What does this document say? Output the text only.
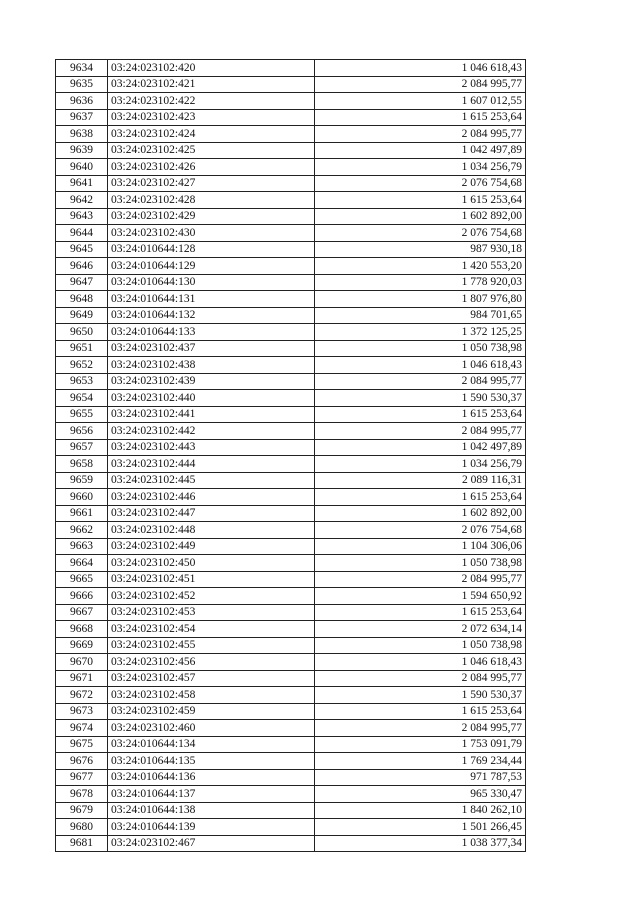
9634	03:24:023102:420	1 046 618,43
9635	03:24:023102:421	2 084 995,77
9636	03:24:023102:422	1 607 012,55
9637	03:24:023102:423	1 615 253,64
9638	03:24:023102:424	2 084 995,77
9639	03:24:023102:425	1 042 497,89
9640	03:24:023102:426	1 034 256,79
9641	03:24:023102:427	2 076 754,68
9642	03:24:023102:428	1 615 253,64
9643	03:24:023102:429	1 602 892,00
9644	03:24:023102:430	2 076 754,68
9645	03:24:010644:128	987 930,18
9646	03:24:010644:129	1 420 553,20
9647	03:24:010644:130	1 778 920,03
9648	03:24:010644:131	1 807 976,80
9649	03:24:010644:132	984 701,65
9650	03:24:010644:133	1 372 125,25
9651	03:24:023102:437	1 050 738,98
9652	03:24:023102:438	1 046 618,43
9653	03:24:023102:439	2 084 995,77
9654	03:24:023102:440	1 590 530,37
9655	03:24:023102:441	1 615 253,64
9656	03:24:023102:442	2 084 995,77
9657	03:24:023102:443	1 042 497,89
9658	03:24:023102:444	1 034 256,79
9659	03:24:023102:445	2 089 116,31
9660	03:24:023102:446	1 615 253,64
9661	03:24:023102:447	1 602 892,00
9662	03:24:023102:448	2 076 754,68
9663	03:24:023102:449	1 104 306,06
9664	03:24:023102:450	1 050 738,98
9665	03:24:023102:451	2 084 995,77
9666	03:24:023102:452	1 594 650,92
9667	03:24:023102:453	1 615 253,64
9668	03:24:023102:454	2 072 634,14
9669	03:24:023102:455	1 050 738,98
9670	03:24:023102:456	1 046 618,43
9671	03:24:023102:457	2 084 995,77
9672	03:24:023102:458	1 590 530,37
9673	03:24:023102:459	1 615 253,64
9674	03:24:023102:460	2 084 995,77
9675	03:24:010644:134	1 753 091,79
9676	03:24:010644:135	1 769 234,44
9677	03:24:010644:136	971 787,53
9678	03:24:010644:137	965 330,47
9679	03:24:010644:138	1 840 262,10
9680	03:24:010644:139	1 501 266,45
9681	03:24:023102:467	1 038 377,34
